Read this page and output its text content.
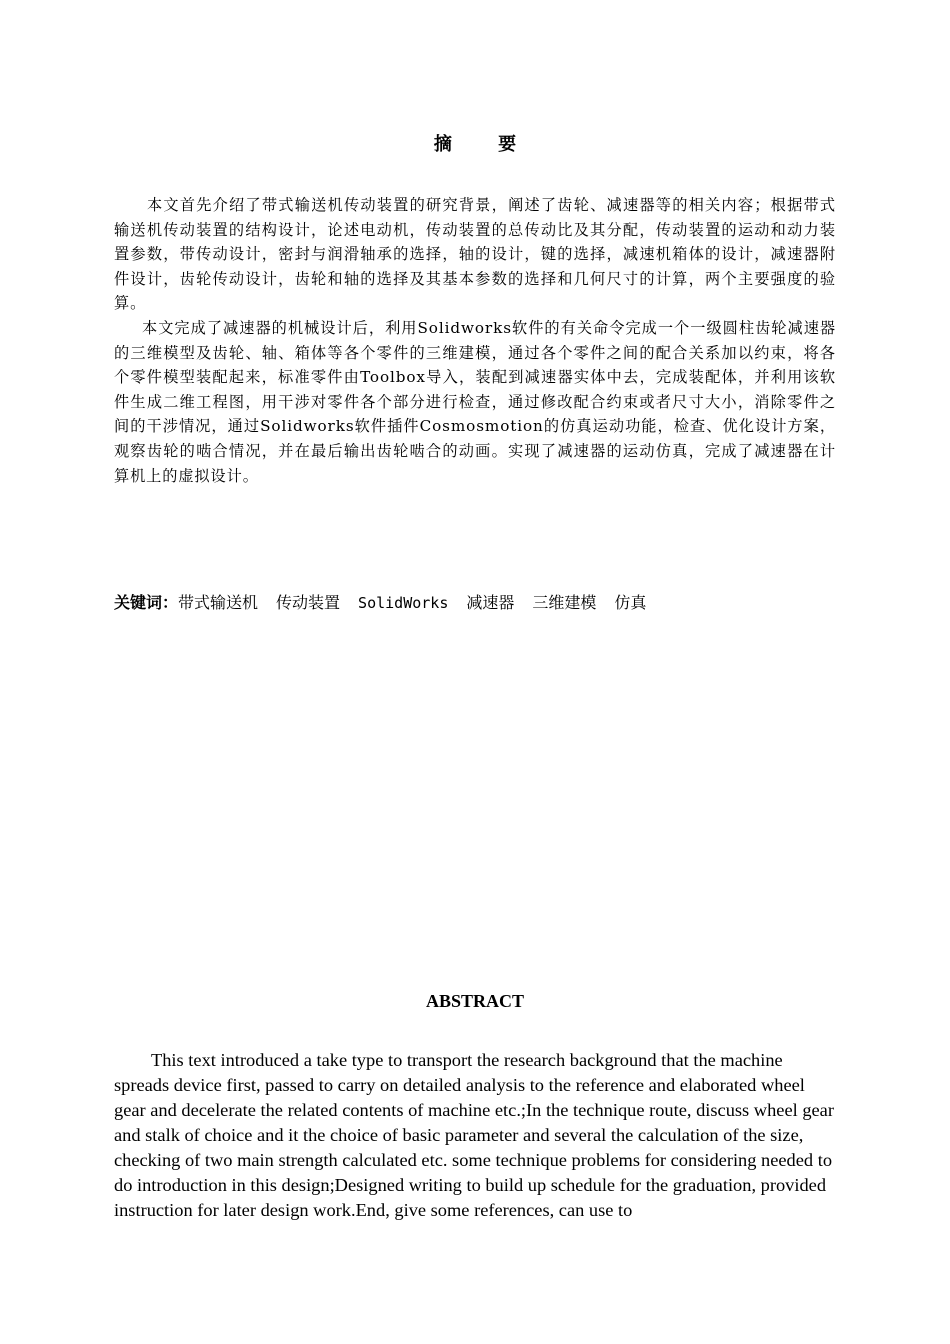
摘 要

本文首先介绍了带式输送机传动装置的研究背景，阐述了齿轮、减速器等的相关内容；根据带式输送机传动装置的结构设计，论述电动机，传动装置的总传动比及其分配，传动装置的运动和动力装置参数，带传动设计，密封与润滑轴承的选择，轴的设计，键的选择，减速机箱体的设计，减速器附件设计，齿轮传动设计，齿轮和轴的选择及其基本参数的选择和几何尺寸的计算，两个主要强度的验算。

本文完成了减速器的机械设计后，利用Solidworks软件的有关命令完成一个一级圆柱齿轮减速器的三维模型及齿轮、轴、箱体等各个零件的三维建模，通过各个零件之间的配合关系加以约束，将各个零件模型装配起来，标准零件由Toolbox导入，装配到减速器实体中去，完成装配体，并利用该软件生成二维工程图，用干涉对零件各个部分进行检查，通过修改配合约束或者尺寸大小，消除零件之间的干涉情况，通过Solidworks软件插件Cosmosmotion的仿真运动功能，检查、优化设计方案，观察齿轮的啮合情况，并在最后输出齿轮啮合的动画。实现了减速器的运动仿真，完成了减速器在计算机上的虚拟设计。

关键词：带式输送机 传动装置 SolidWorks 减速器 三维建模 仿真
ABSTRACT

This text introduced a take type to transport the research background that the machine spreads device first, passed to carry on detailed analysis to the reference and elaborated wheel gear and decelerate the related contents of machine etc.;In the technique route, discuss wheel gear and stalk of choice and it the choice of basic parameter and several the calculation of the size, checking of two main strength calculated etc. some technique problems for considering needed to do introduction in this design;Designed writing to build up schedule for the graduation, provided instruction for later design work.End, give some references, can use to
